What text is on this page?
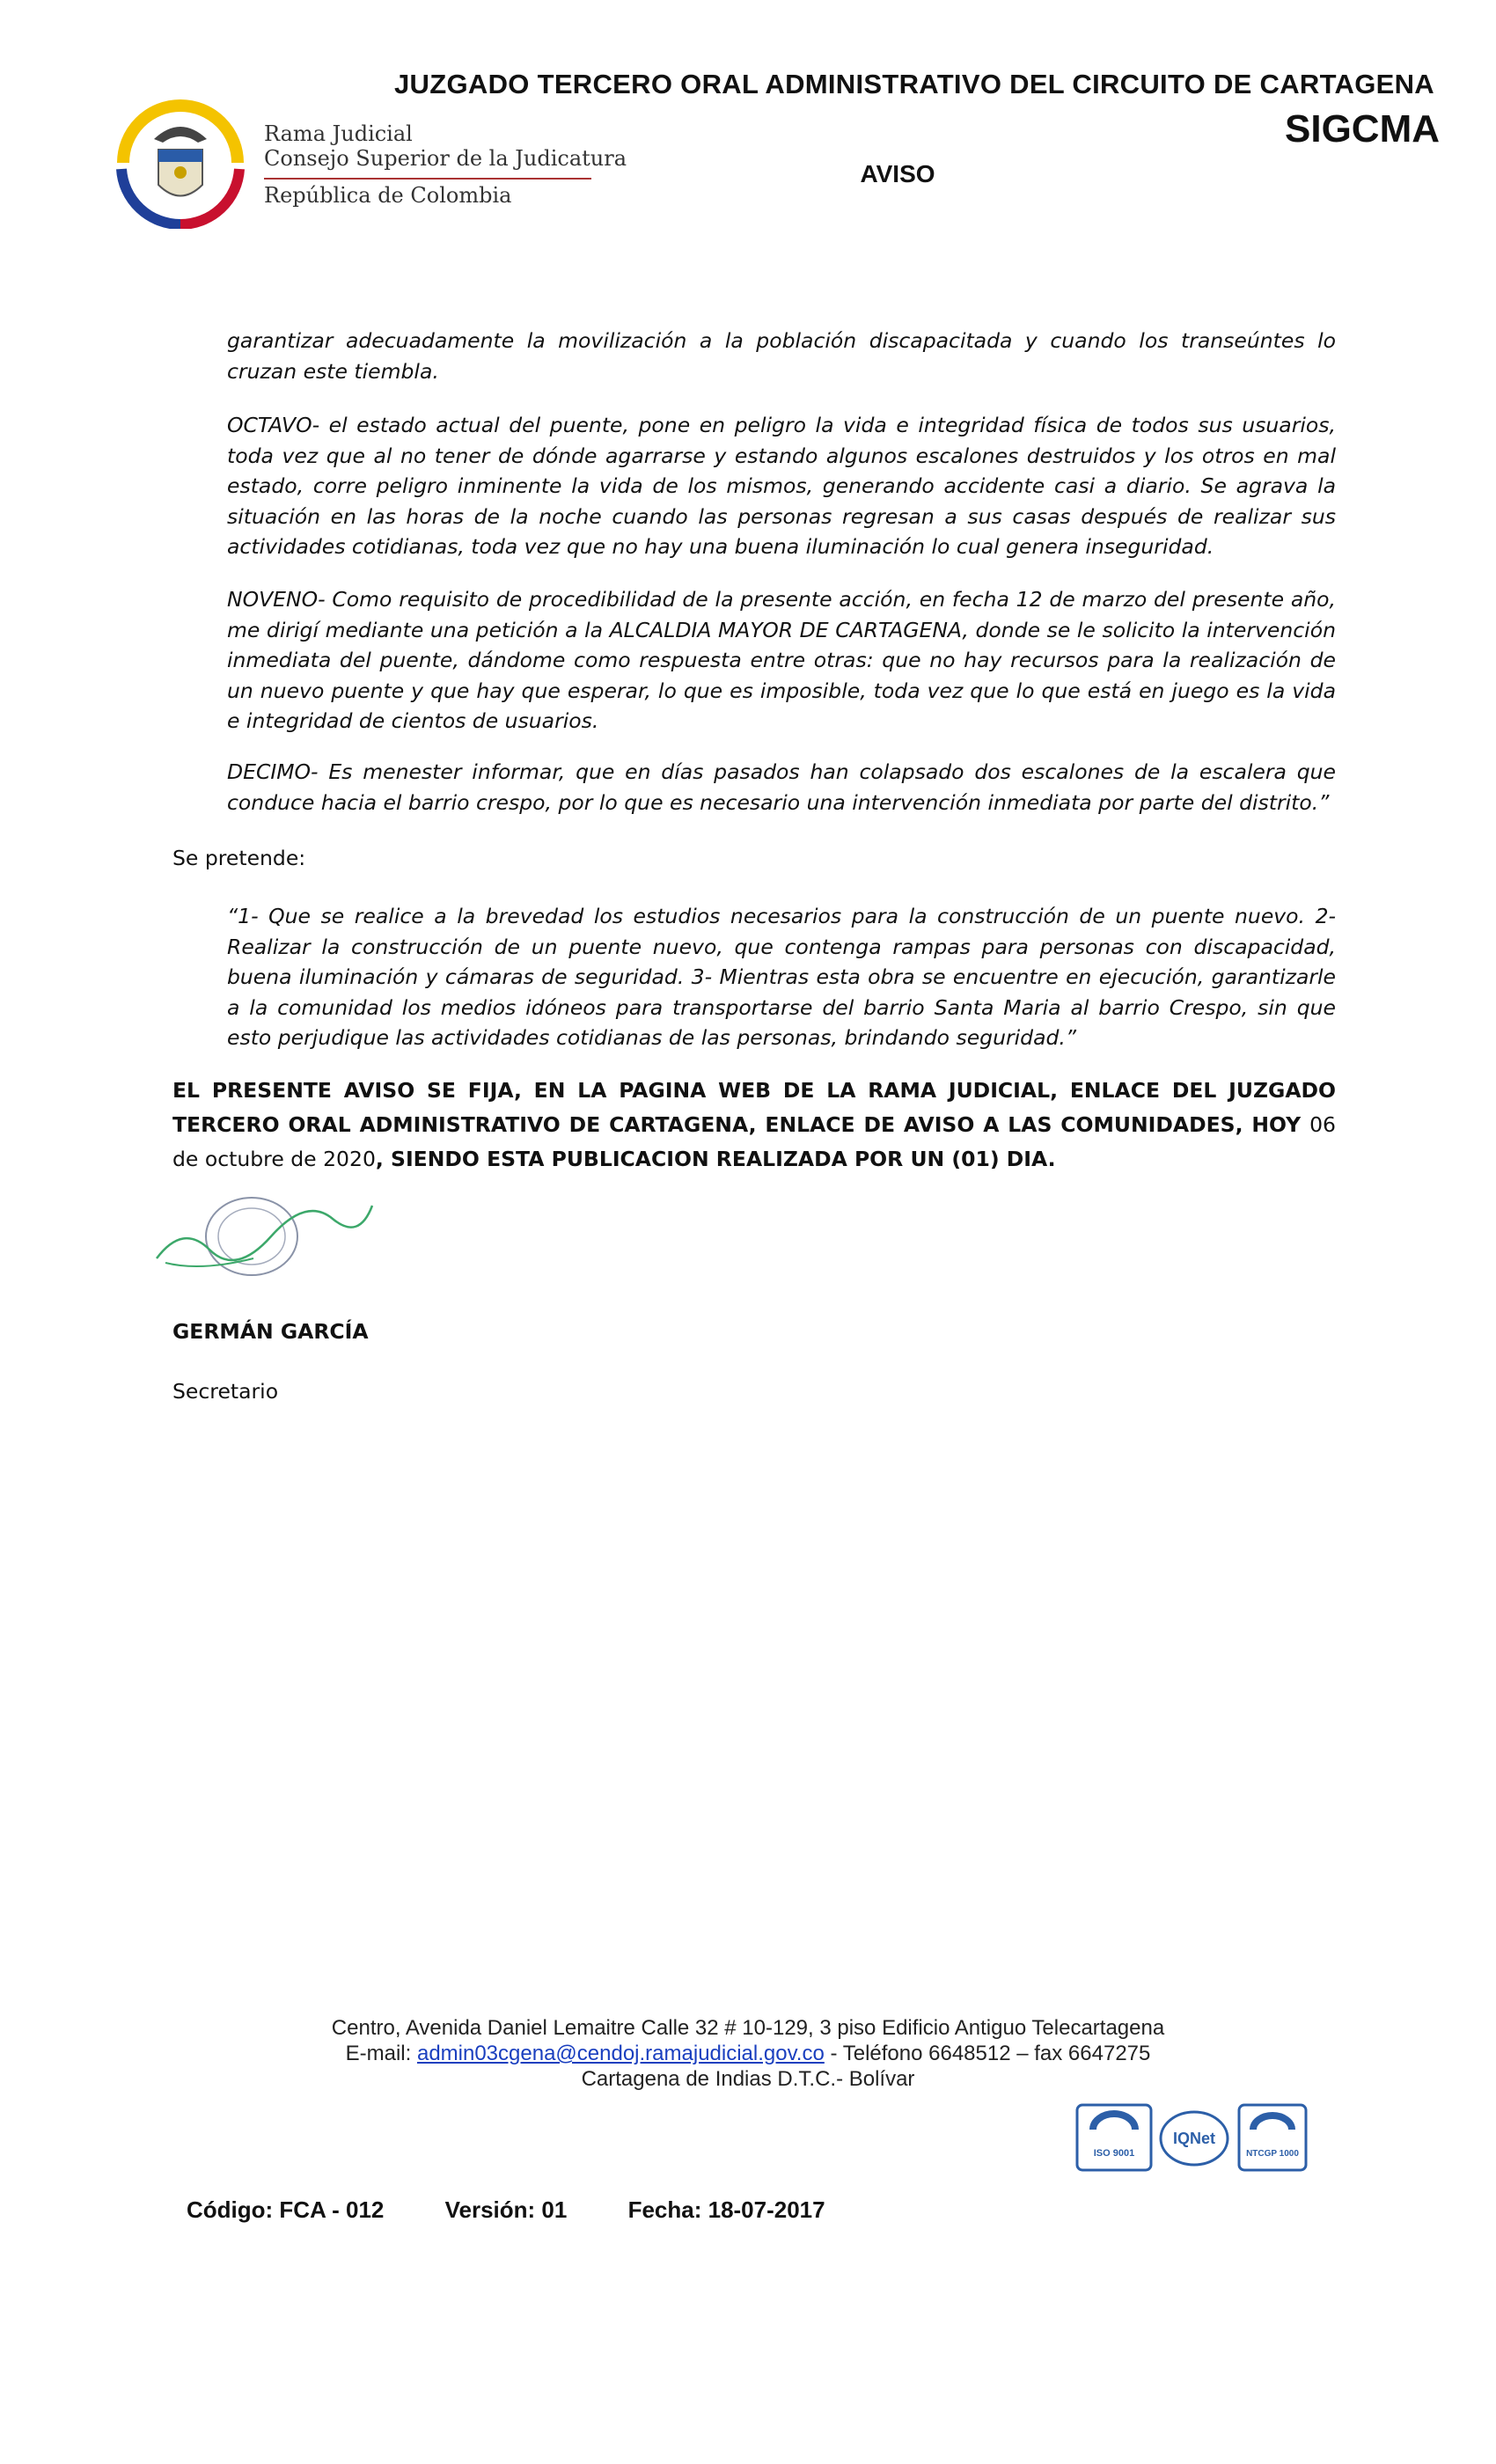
JUZGADO TERCERO ORAL ADMINISTRATIVO DEL CIRCUITO DE CARTAGENA
SIGCMA
AVISO
Rama Judicial
Consejo Superior de la Judicatura
República de Colombia
garantizar adecuadamente la movilización a la población discapacitada y cuando los transeúntes lo cruzan este tiembla.
OCTAVO- el estado actual del puente, pone en peligro la vida e integridad física de todos sus usuarios, toda vez que al no tener de dónde agarrarse y estando algunos escalones destruidos y los otros en mal estado, corre peligro inminente la vida de los mismos, generando accidente casi a diario. Se agrava la situación en las horas de la noche cuando las personas regresan a sus casas después de realizar sus actividades cotidianas, toda vez que no hay una buena iluminación lo cual genera inseguridad.
NOVENO- Como requisito de procedibilidad de la presente acción, en fecha 12 de marzo del presente año, me dirigí mediante una petición a la ALCALDIA MAYOR DE CARTAGENA, donde se le solicito la intervención inmediata del puente, dándome como respuesta entre otras: que no hay recursos para la realización de un nuevo puente y que hay que esperar, lo que es imposible, toda vez que lo que está en juego es la vida e integridad de cientos de usuarios.
DECIMO- Es menester informar, que en días pasados han colapsado dos escalones de la escalera que conduce hacia el barrio crespo, por lo que es necesario una intervención inmediata por parte del distrito.”
Se pretende:
“1- Que se realice a la brevedad los estudios necesarios para la construcción de un puente nuevo. 2- Realizar la construcción de un puente nuevo, que contenga rampas para personas con discapacidad, buena iluminación y cámaras de seguridad. 3- Mientras esta obra se encuentre en ejecución, garantizarle a la comunidad los medios idóneos para transportarse del barrio Santa Maria al barrio Crespo, sin que esto perjudique las actividades cotidianas de las personas, brindando seguridad.”
EL PRESENTE AVISO SE FIJA, EN LA PAGINA WEB DE LA RAMA JUDICIAL, ENLACE DEL JUZGADO TERCERO ORAL ADMINISTRATIVO DE CARTAGENA, ENLACE DE AVISO A LAS COMUNIDADES, HOY 06 de octubre de 2020, SIENDO ESTA PUBLICACION REALIZADA POR UN (01) DIA.
GERMÁN GARCÍA
Secretario
Centro, Avenida Daniel Lemaitre Calle 32 # 10-129, 3 piso Edificio Antiguo Telecartagena
E-mail: admin03cgena@cendoj.ramajudicial.gov.co - Teléfono 6648512 – fax 6647275
Cartagena de Indias D.T.C.- Bolívar
ISO 9001
IQNet
NTCGP 1000
Código: FCA - 012	Versión: 01	Fecha: 18-07-2017
